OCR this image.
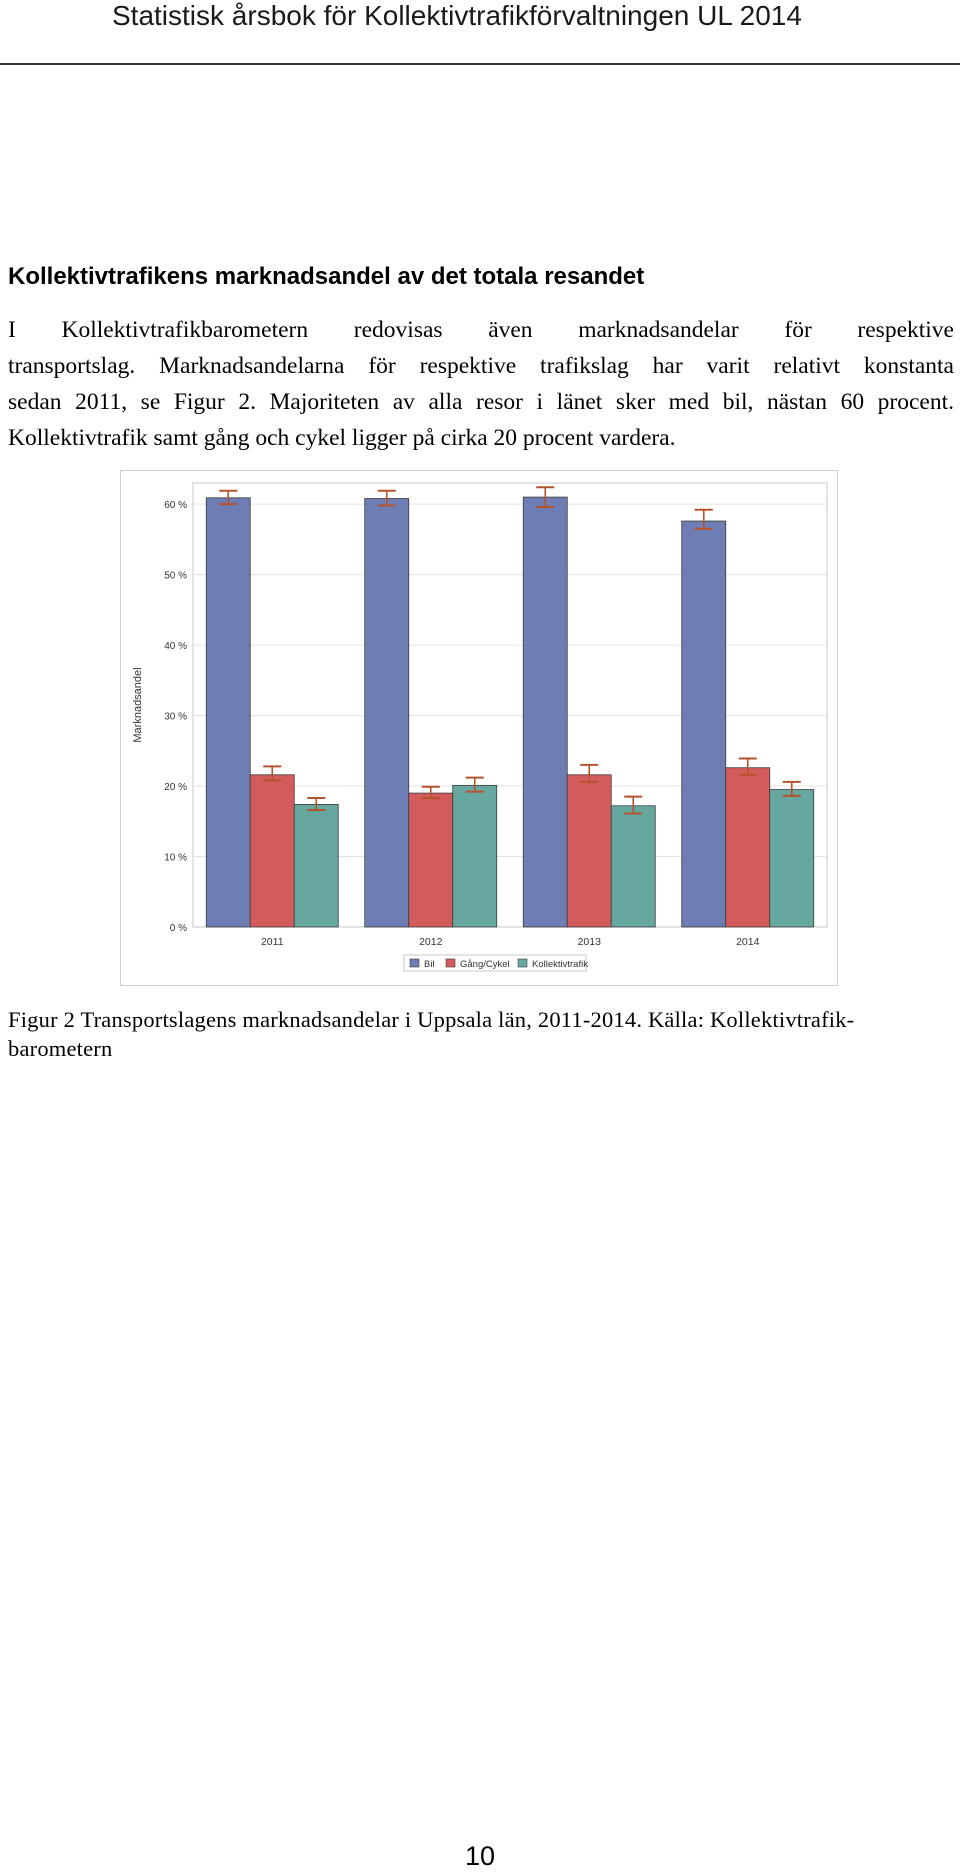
Statistisk årsbok för Kollektivtrafikförvaltningen UL 2014
Kollektivtrafikens marknadsandel av det totala resandet
I Kollektivtrafikbarometern redovisas även marknadsandelar för respektive
transportslag. Marknadsandelarna för respektive trafikslag har varit relativt konstanta
sedan 2011, se Figur 2. Majoriteten av alla resor i länet sker med bil, nästan 60 procent.
Kollektivtrafik samt gång och cykel ligger på cirka 20 procent vardera.
0 %
10 %
20 %
30 %
40 %
50 %
60 %
Marknadsandel
2011	2012	2013	2014
Bil	Gång/Cykel Kollektivtrafik
Figur 2 Transportslagens marknadsandelar i Uppsala län, 2011-2014. Källa: Kollektivtrafik-
barometern
10
